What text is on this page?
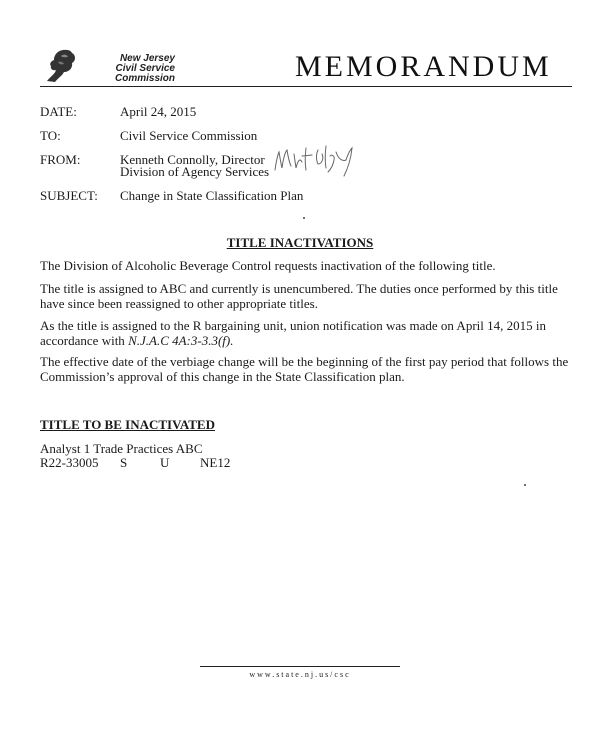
New Jersey
Civil Service
Commission	MEMORANDUM
DATE:	April 24, 2015
TO:	Civil Service Commission
FROM:	Kenneth Connolly, Director
Division of Agency Services
SUBJECT:	Change in State Classification Plan
TITLE INACTIVATIONS
The Division of Alcoholic Beverage Control requests inactivation of the following title.
The title is assigned to ABC and currently is unencumbered. The duties once performed by this title have since been reassigned to other appropriate titles.
As the title is assigned to the R bargaining unit, union notification was made on April 14, 2015 in accordance with N.J.A.C 4A:3-3.3(f).
The effective date of the verbiage change will be the beginning of the first pay period that follows the Commission’s approval of this change in the State Classification plan.
TITLE TO BE INACTIVATED
Analyst 1 Trade Practices ABC
R22-33005 S	U NE12
www.state.nj.us/csc
